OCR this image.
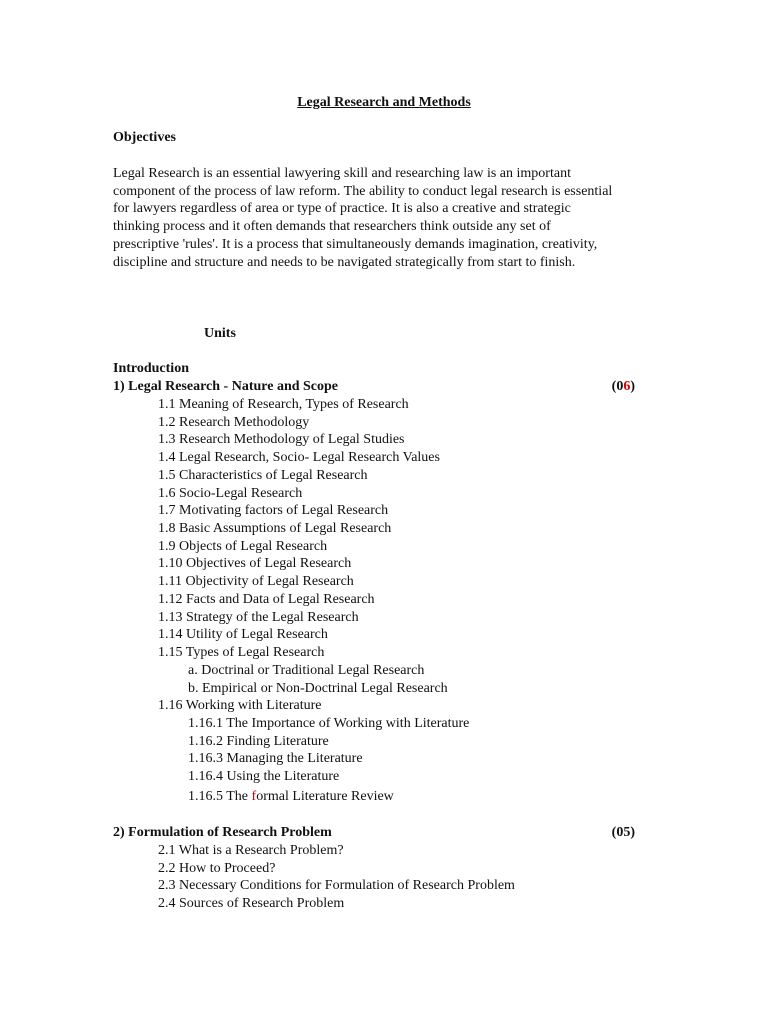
Legal Research and Methods
Objectives
Legal Research is an essential lawyering skill and researching law is an important
component of the process of law reform. The ability to conduct legal research is essential
for lawyers regardless of area or type of practice. It is also a creative and strategic
thinking process and it often demands that researchers think outside any set of
prescriptive 'rules'. It is a process that simultaneously demands imagination, creativity,
discipline and structure and needs to be navigated strategically from start to finish.
Units
Introduction
1) Legal Research - Nature and Scope	(06)
1.1 Meaning of Research, Types of Research
1.2 Research Methodology
1.3 Research Methodology of Legal Studies
1.4 Legal Research, Socio- Legal Research Values
1.5 Characteristics of Legal Research
1.6 Socio-Legal Research
1.7 Motivating factors of Legal Research
1.8 Basic Assumptions of Legal Research
1.9 Objects of Legal Research
1.10 Objectives of Legal Research
1.11 Objectivity of Legal Research
1.12 Facts and Data of Legal Research
1.13 Strategy of the Legal Research
1.14 Utility of Legal Research
1.15 Types of Legal Research
a. Doctrinal or Traditional Legal Research
b. Empirical or Non-Doctrinal Legal Research
1.16 Working with Literature
1.16.1 The Importance of Working with Literature
1.16.2 Finding Literature
1.16.3 Managing the Literature
1.16.4 Using the Literature
1.16.5 The formal Literature Review
2) Formulation of Research Problem	(05)
2.1 What is a Research Problem?
2.2 How to Proceed?
2.3 Necessary Conditions for Formulation of Research Problem
2.4 Sources of Research Problem
